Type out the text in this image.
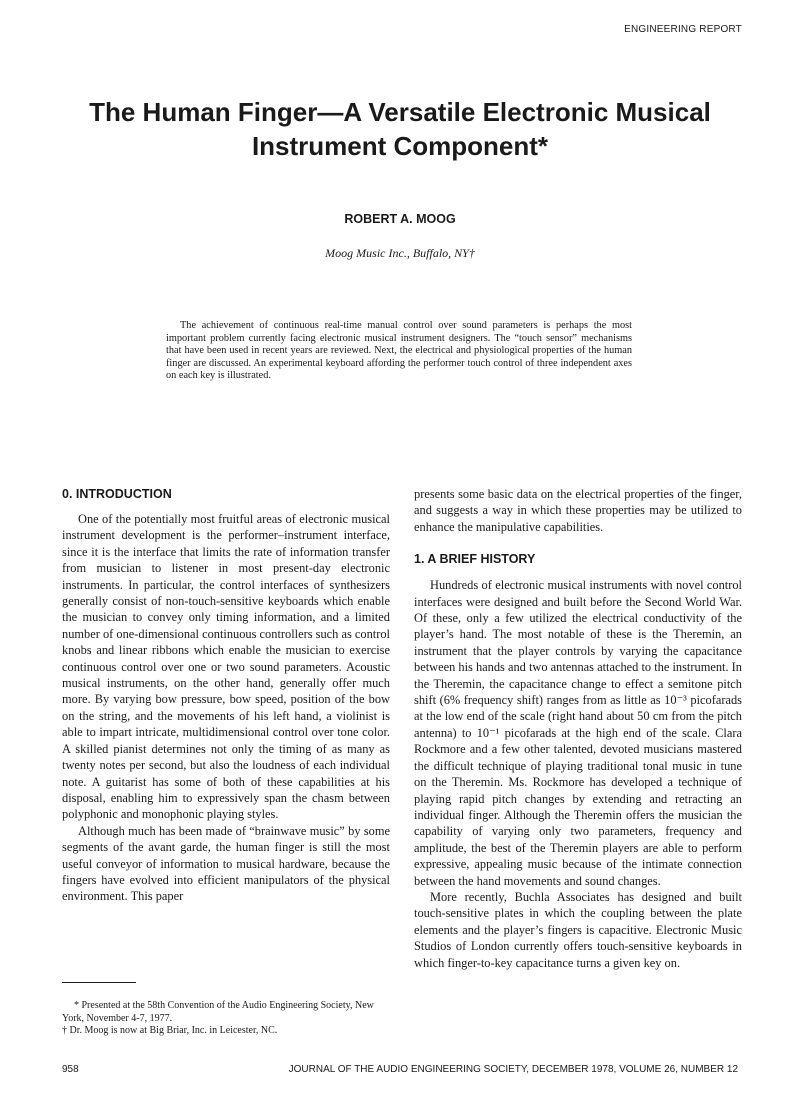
ENGINEERING REPORT
The Human Finger—A Versatile Electronic Musical Instrument Component*
ROBERT A. MOOG
Moog Music Inc., Buffalo, NY†

The achievement of continuous real-time manual control over sound parameters is perhaps the most important problem currently facing electronic musical instrument designers. The “touch sensor” mechanisms that have been used in recent years are reviewed. Next, the electrical and physiological properties of the human finger are discussed. An experimental keyboard affording the performer touch control of three independent axes on each key is illustrated.

0. INTRODUCTION

One of the potentially most fruitful areas of electronic musical instrument development is the performer–instrument interface, since it is the interface that limits the rate of information transfer from musician to listener in most present-day electronic instruments. In particular, the control interfaces of synthesizers generally consist of non-touch-sensitive keyboards which enable the musician to convey only timing information, and a limited number of one-dimensional continuous controllers such as control knobs and linear ribbons which enable the musician to exercise continuous control over one or two sound parameters. Acoustic musical instruments, on the other hand, generally offer much more. By varying bow pressure, bow speed, position of the bow on the string, and the movements of his left hand, a violinist is able to impart intricate, multidimensional control over tone color. A skilled pianist determines not only the timing of as many as twenty notes per second, but also the loudness of each individual note. A guitarist has some of both of these capabilities at his disposal, enabling him to expressively span the chasm between polyphonic and monophonic playing styles.

Although much has been made of “brainwave music” by some segments of the avant garde, the human finger is still the most useful conveyor of information to musical hardware, because the fingers have evolved into efficient manipulators of the physical environment. This paper

presents some basic data on the electrical properties of the finger, and suggests a way in which these properties may be utilized to enhance the manipulative capabilities.

1. A BRIEF HISTORY

Hundreds of electronic musical instruments with novel control interfaces were designed and built before the Second World War. Of these, only a few utilized the electrical conductivity of the player’s hand. The most notable of these is the Theremin, an instrument that the player controls by varying the capacitance between his hands and two antennas attached to the instrument. In the Theremin, the capacitance change to effect a semitone pitch shift (6% frequency shift) ranges from as little as 10⁻³ picofarads at the low end of the scale (right hand about 50 cm from the pitch antenna) to 10⁻¹ picofarads at the high end of the scale. Clara Rockmore and a few other talented, devoted musicians mastered the difficult technique of playing traditional tonal music in tune on the Theremin. Ms. Rockmore has developed a technique of playing rapid pitch changes by extending and retracting an individual finger. Although the Theremin offers the musician the capability of varying only two parameters, frequency and amplitude, the best of the Theremin players are able to perform expressive, appealing music because of the intimate connection between the hand movements and sound changes.

More recently, Buchla Associates has designed and built touch-sensitive plates in which the coupling between the plate elements and the player’s fingers is capacitive. Electronic Music Studios of London currently offers touch-sensitive keyboards in which finger-to-key capacitance turns a given key on.

* Presented at the 58th Convention of the Audio Engineering Society, New York, November 4-7, 1977.

† Dr. Moog is now at Big Briar, Inc. in Leicester, NC.

958	JOURNAL OF THE AUDIO ENGINEERING SOCIETY, DECEMBER 1978, VOLUME 26, NUMBER 12
